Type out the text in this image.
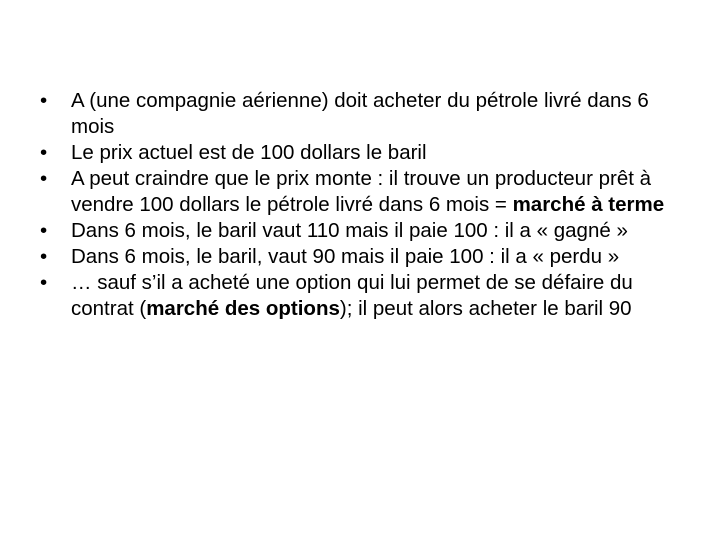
•	A (une compagnie aérienne) doit acheter du pétrole livré dans 6 mois
•	Le prix actuel est de 100 dollars le baril
•	A peut craindre que le prix monte : il trouve un producteur prêt à vendre 100 dollars le pétrole livré dans 6 mois = marché à terme
•	Dans 6 mois, le baril vaut 110 mais il paie 100 : il a « gagné »
•	Dans 6 mois, le baril, vaut 90 mais il paie 100 : il a « perdu »
•	… sauf s’il a acheté une option qui lui permet de se défaire du contrat (marché des options); il peut alors acheter le baril 90
